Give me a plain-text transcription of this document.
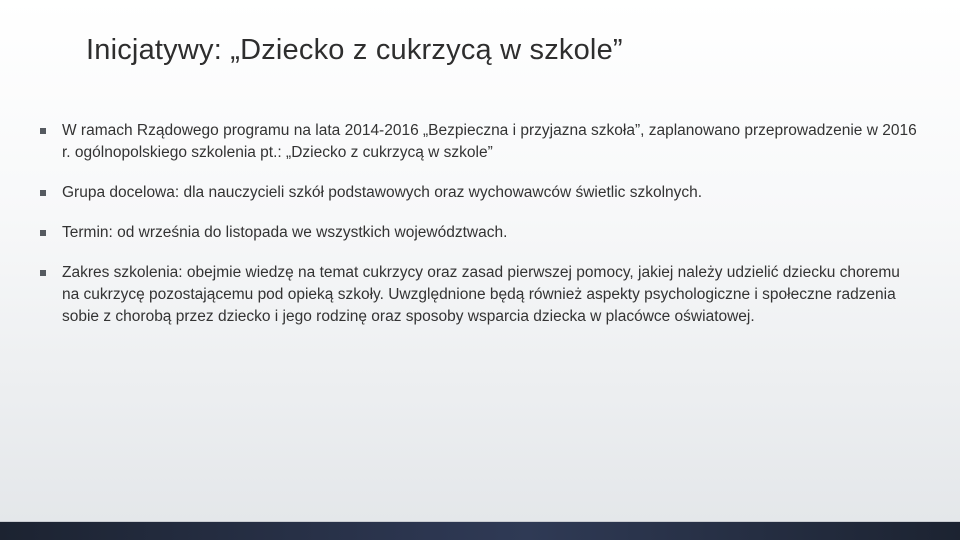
Inicjatywy: „Dziecko z cukrzycą w szkole”
W ramach Rządowego programu na lata 2014-2016 „Bezpieczna i przyjazna szkoła”, zaplanowano przeprowadzenie w 2016 r. ogólnopolskiego szkolenia pt.: „Dziecko z cukrzycą w szkole”
Grupa docelowa: dla nauczycieli szkół podstawowych oraz wychowawców świetlic szkolnych.
Termin: od września do listopada we wszystkich województwach.
Zakres szkolenia: obejmie wiedzę na temat cukrzycy oraz zasad pierwszej pomocy, jakiej należy udzielić dziecku choremu na cukrzycę pozostającemu pod opieką szkoły. Uwzględnione będą również aspekty psychologiczne i społeczne radzenia sobie z chorobą przez dziecko i jego rodzinę oraz sposoby wsparcia dziecka w placówce oświatowej.
